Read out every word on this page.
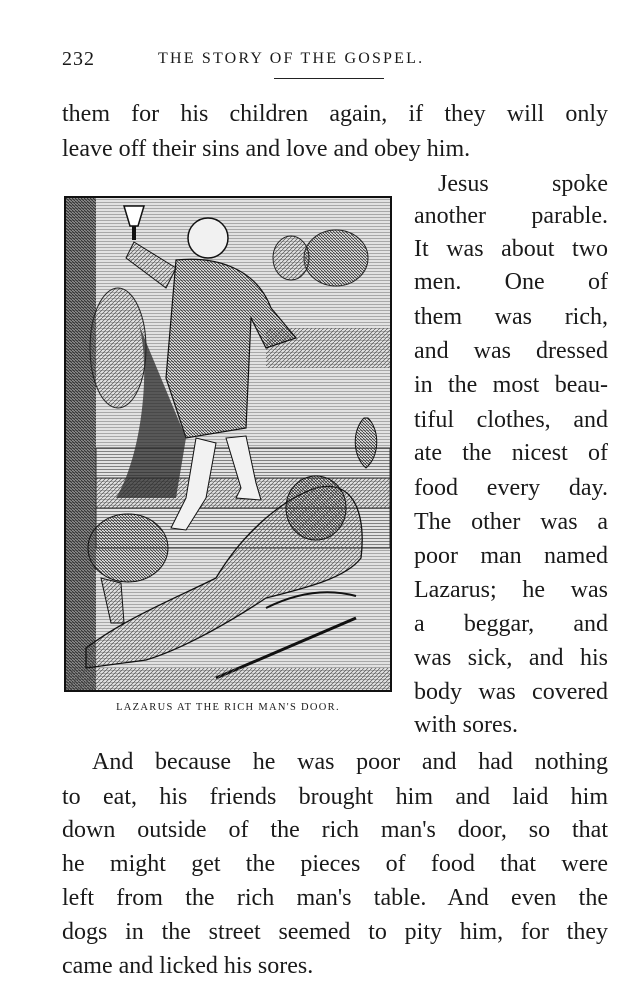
232	THE STORY OF THE GOSPEL.
them for his children again, if they will only
leave off their sins and love and obey him.
Jesus spoke
another parable.
It was about two
men. One of
them was rich,
and was dressed
in the most beau-
tiful clothes, and
ate the nicest of
food every day.
The other was a
poor man named
Lazarus; he was
a beggar, and
was sick, and his
body was covered
with sores.
LAZARUS AT THE RICH MAN'S DOOR.
And because he was poor and had nothing
to eat, his friends brought him and laid him
down outside of the rich man's door, so that
he might get the pieces of food that were
left from the rich man's table. And even the
dogs in the street seemed to pity him, for they
came and licked his sores.
